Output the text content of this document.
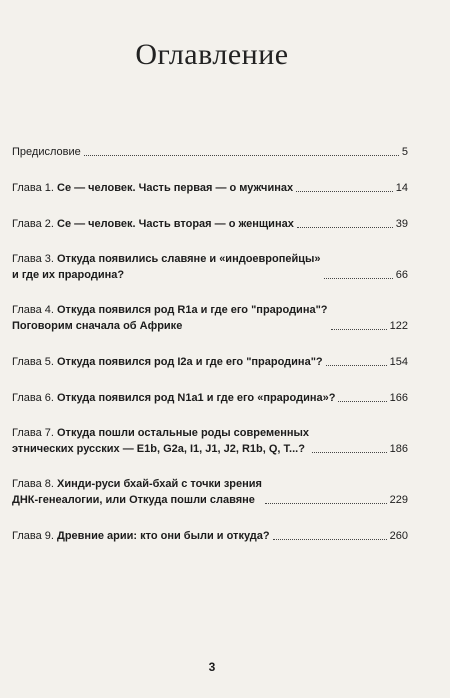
Оглавление
Предисловие	5
Глава 1. Се — человек. Часть первая — о мужчинах	14
Глава 2. Се — человек. Часть вторая — о женщинах	39
Глава 3. Откуда появились славяне и «индоевропейцы»
и где их прародина?	66
Глава 4. Откуда появился род R1a и где его "прародина"?
Поговорим сначала об Африке	122
Глава 5. Откуда появился род I2a и где его "прародина"?	154
Глава 6. Откуда появился род N1a1 и где его «прародина»?	166
Глава 7. Откуда пошли остальные роды современных
этнических русских — E1b, G2a, I1, J1, J2, R1b, Q, T...?	186
Глава 8. Хинди-руси бхай-бхай с точки зрения
ДНК-генеалогии, или Откуда пошли славяне	229
Глава 9. Древние арии: кто они были и откуда?	260
3
